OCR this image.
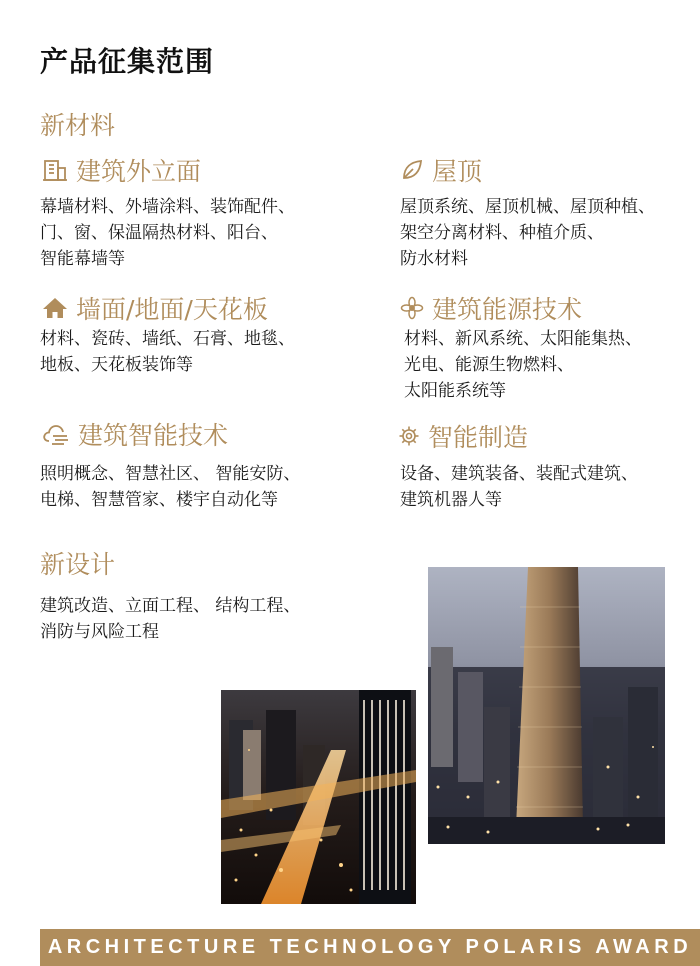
产品征集范围
新材料
建筑外立面
幕墙材料、外墙涂料、装饰配件、
门、窗、保温隔热材料、阳台、
智能幕墙等
屋顶
屋顶系统、屋顶机械、屋顶种植、
架空分离材料、种植介质、
防水材料
墙面/地面/天花板
材料、瓷砖、墙纸、石膏、地毯、
地板、天花板装饰等
建筑能源技术
材料、新风系统、太阳能集热、
光电、能源生物燃料、
太阳能系统等
建筑智能技术
照明概念、智慧社区、 智能安防、
电梯、智慧管家、楼宇自动化等
智能制造
设备、建筑装备、装配式建筑、
建筑机器人等
新设计
建筑改造、立面工程、 结构工程、
消防与风险工程
ARCHITECTURE TECHNOLOGY POLARIS AWARD
